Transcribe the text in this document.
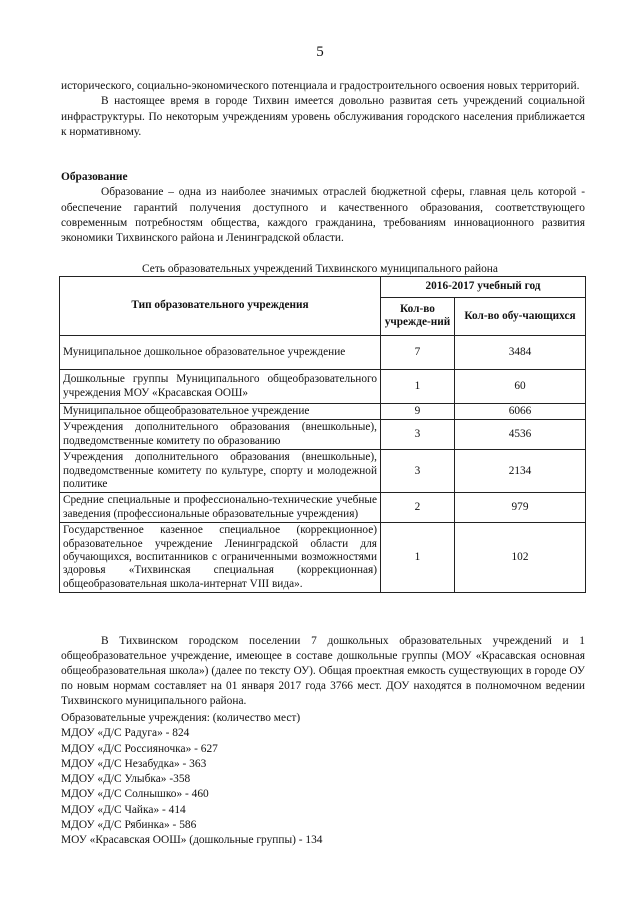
5

исторического, социально-экономического потенциала и градостроительного освоения новых территорий.

В настоящее время в городе Тихвин имеется довольно развитая сеть учреждений социальной инфраструктуры. По некоторым учреждениям уровень обслуживания городского населения приближается к нормативному.

Образование

Образование – одна из наиболее значимых отраслей бюджетной сферы, главная цель которой - обеспечение гарантий получения доступного и качественного образования, соответствующего современным потребностям общества, каждого гражданина, требованиям инновационного развития экономики Тихвинского района и Ленинградской области.

Сеть образовательных учреждений Тихвинского муниципального района
Тип образовательного учреждения	2016-2017 учебный год	
	Кол-во учрежде-ний	Кол-во обу-чающихся
Муниципальное дошкольное образовательное учреждение	7	3484
Дошкольные группы Муниципального общеобразовательного учреждения МОУ «Красавская ООШ»	1	60
Муниципальное общеобразовательное учреждение	9	6066
Учреждения дополнительного образования (внешкольные), подведомственные комитету по образованию	3	4536
Учреждения дополнительного образования (внешкольные), подведомственные комитету по культуре, спорту и молодежной политике	3	2134
Средние специальные и профессионально-технические учебные заведения (профессиональные образовательные учреждения)	2	979
Государственное казенное специальное (коррекционное) образовательное учреждение Ленинградской области для обучающихся, воспитанников с ограниченными возможностями здоровья «Тихвинская специальная (коррекционная) общеобразовательная школа-интернат VIII вида».	1	102

В Тихвинском городском поселении 7 дошкольных образовательных учреждений и 1 общеобразовательное учреждение, имеющее в составе дошкольные группы (МОУ «Красавская основная общеобразовательная школа») (далее по тексту ОУ). Общая проектная емкость существующих в городе ОУ по новым нормам составляет на 01 января 2017 года 3766 мест. ДОУ находятся в полномочном ведении Тихвинского муниципального района.

Образовательные учреждения: (количество мест)
МДОУ «Д/С Радуга» - 824
МДОУ «Д/С Россияночка» - 627
МДОУ «Д/С Незабудка» - 363
МДОУ «Д/С Улыбка» -358
МДОУ «Д/С Солнышко» - 460
МДОУ «Д/С Чайка» - 414
МДОУ «Д/С Рябинка» - 586
МОУ «Красавская ООШ» (дошкольные группы) - 134
